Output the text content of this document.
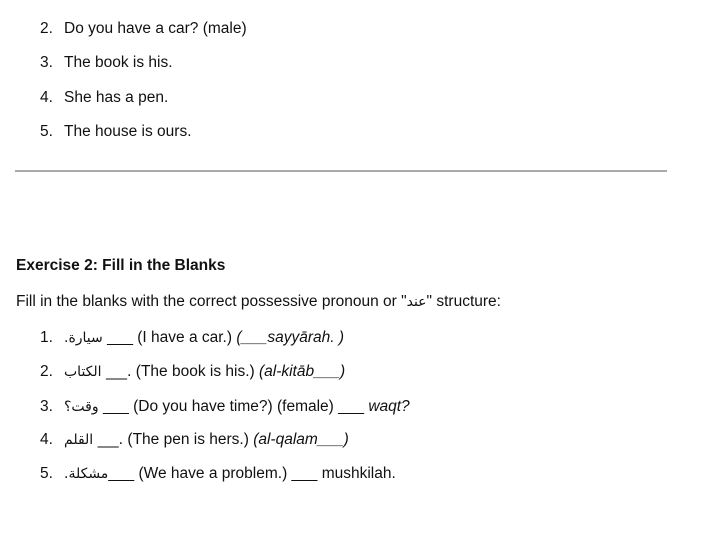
2. Do you have a car? (male)
3. The book is his.
4. She has a pen.
5. The house is ours.
Exercise 2: Fill in the Blanks
Fill in the blanks with the correct possessive pronoun or "عند" structure:
1. سيارة. ___ (I have a car.) (___sayyārah. )
2. .___ الكتاب (The book is his.) (al-kitāb___)
3. وقت؟ ___ (Do you have time?) (female) ___ waqt?
4. .___ القلم (The pen is hers.) (al-qalam___)
5. مشكلة.___ (We have a problem.) ___ mushkilah.
